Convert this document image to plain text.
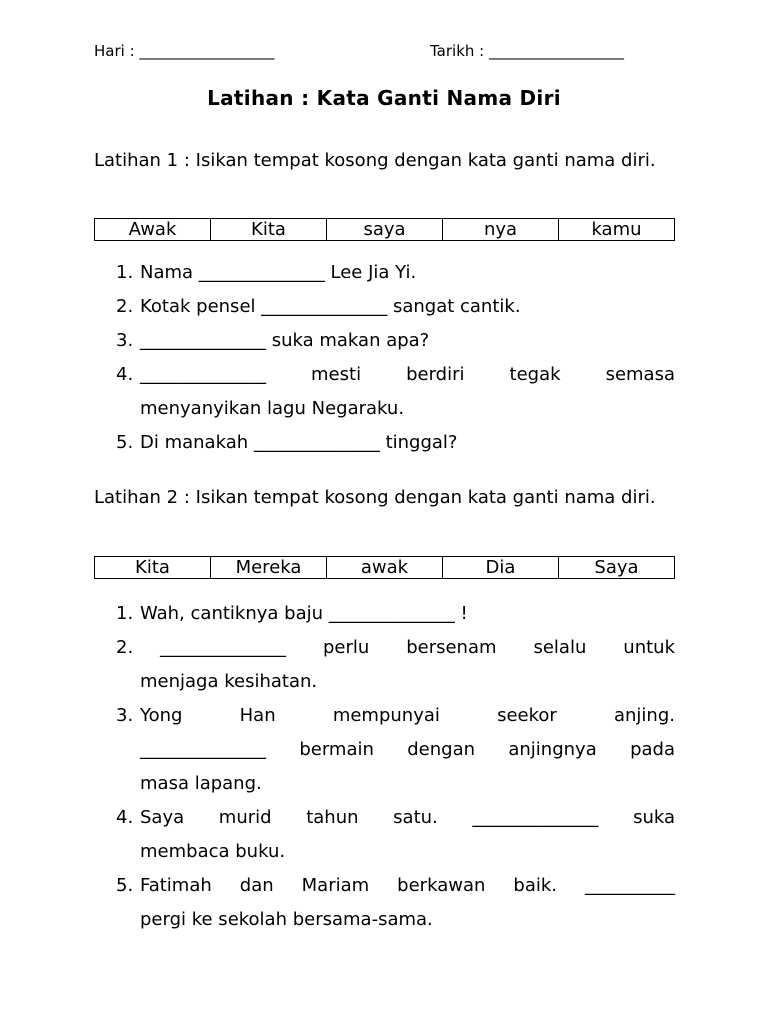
Hari : __________________	Tarikh : __________________
Latihan : Kata Ganti Nama Diri
Latihan 1 : Isikan tempat kosong dengan kata ganti nama diri.
Awak	Kita	saya	nya	kamu
1. Nama ______________ Lee Jia Yi.
2. Kotak pensel ______________ sangat cantik.
3. ______________ suka makan apa?
4. ______________ mesti berdiri tegak semasa
menyanyikan lagu Negaraku.
5. Di manakah ______________ tinggal?
Latihan 2 : Isikan tempat kosong dengan kata ganti nama diri.
Kita	Mereka	awak	Dia	Saya
1. Wah, cantiknya baju ______________ !
2.	______________ perlu bersenam selalu untuk
menjaga kesihatan.
3. Yong Han mempunyai seekor anjing.
______________ bermain dengan anjingnya pada
masa lapang.
4. Saya murid tahun satu. ______________ suka
membaca buku.
5. Fatimah dan Mariam berkawan baik. __________
pergi ke sekolah bersama-sama.
